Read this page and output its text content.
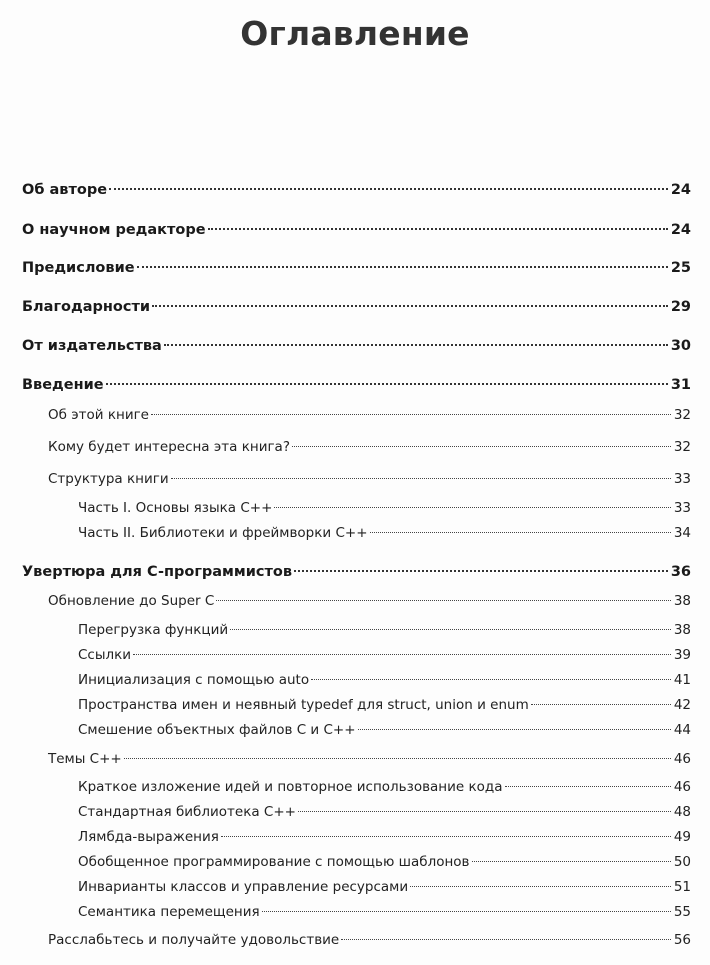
Оглавление
Об авторе	24
О научном редакторе	24
Предисловие	25
Благодарности	29
От издательства	30
Введение	31
Об этой книге	32
Кому будет интересна эта книга?	32
Структура книги	33
Часть I. Основы языка C++	33
Часть II. Библиотеки и фреймворки C++	34
Увертюра для C-программистов	36
Обновление до Super C	38
Перегрузка функций	38
Ссылки	39
Инициализация с помощью auto	41
Пространства имен и неявный typedef для struct, union и enum	42
Смешение объектных файлов C и C++	44
Темы C++	46
Краткое изложение идей и повторное использование кода	46
Стандартная библиотека C++	48
Лямбда-выражения	49
Обобщенное программирование с помощью шаблонов	50
Инварианты классов и управление ресурсами	51
Семантика перемещения	55
Расслабьтесь и получайте удовольствие	56
